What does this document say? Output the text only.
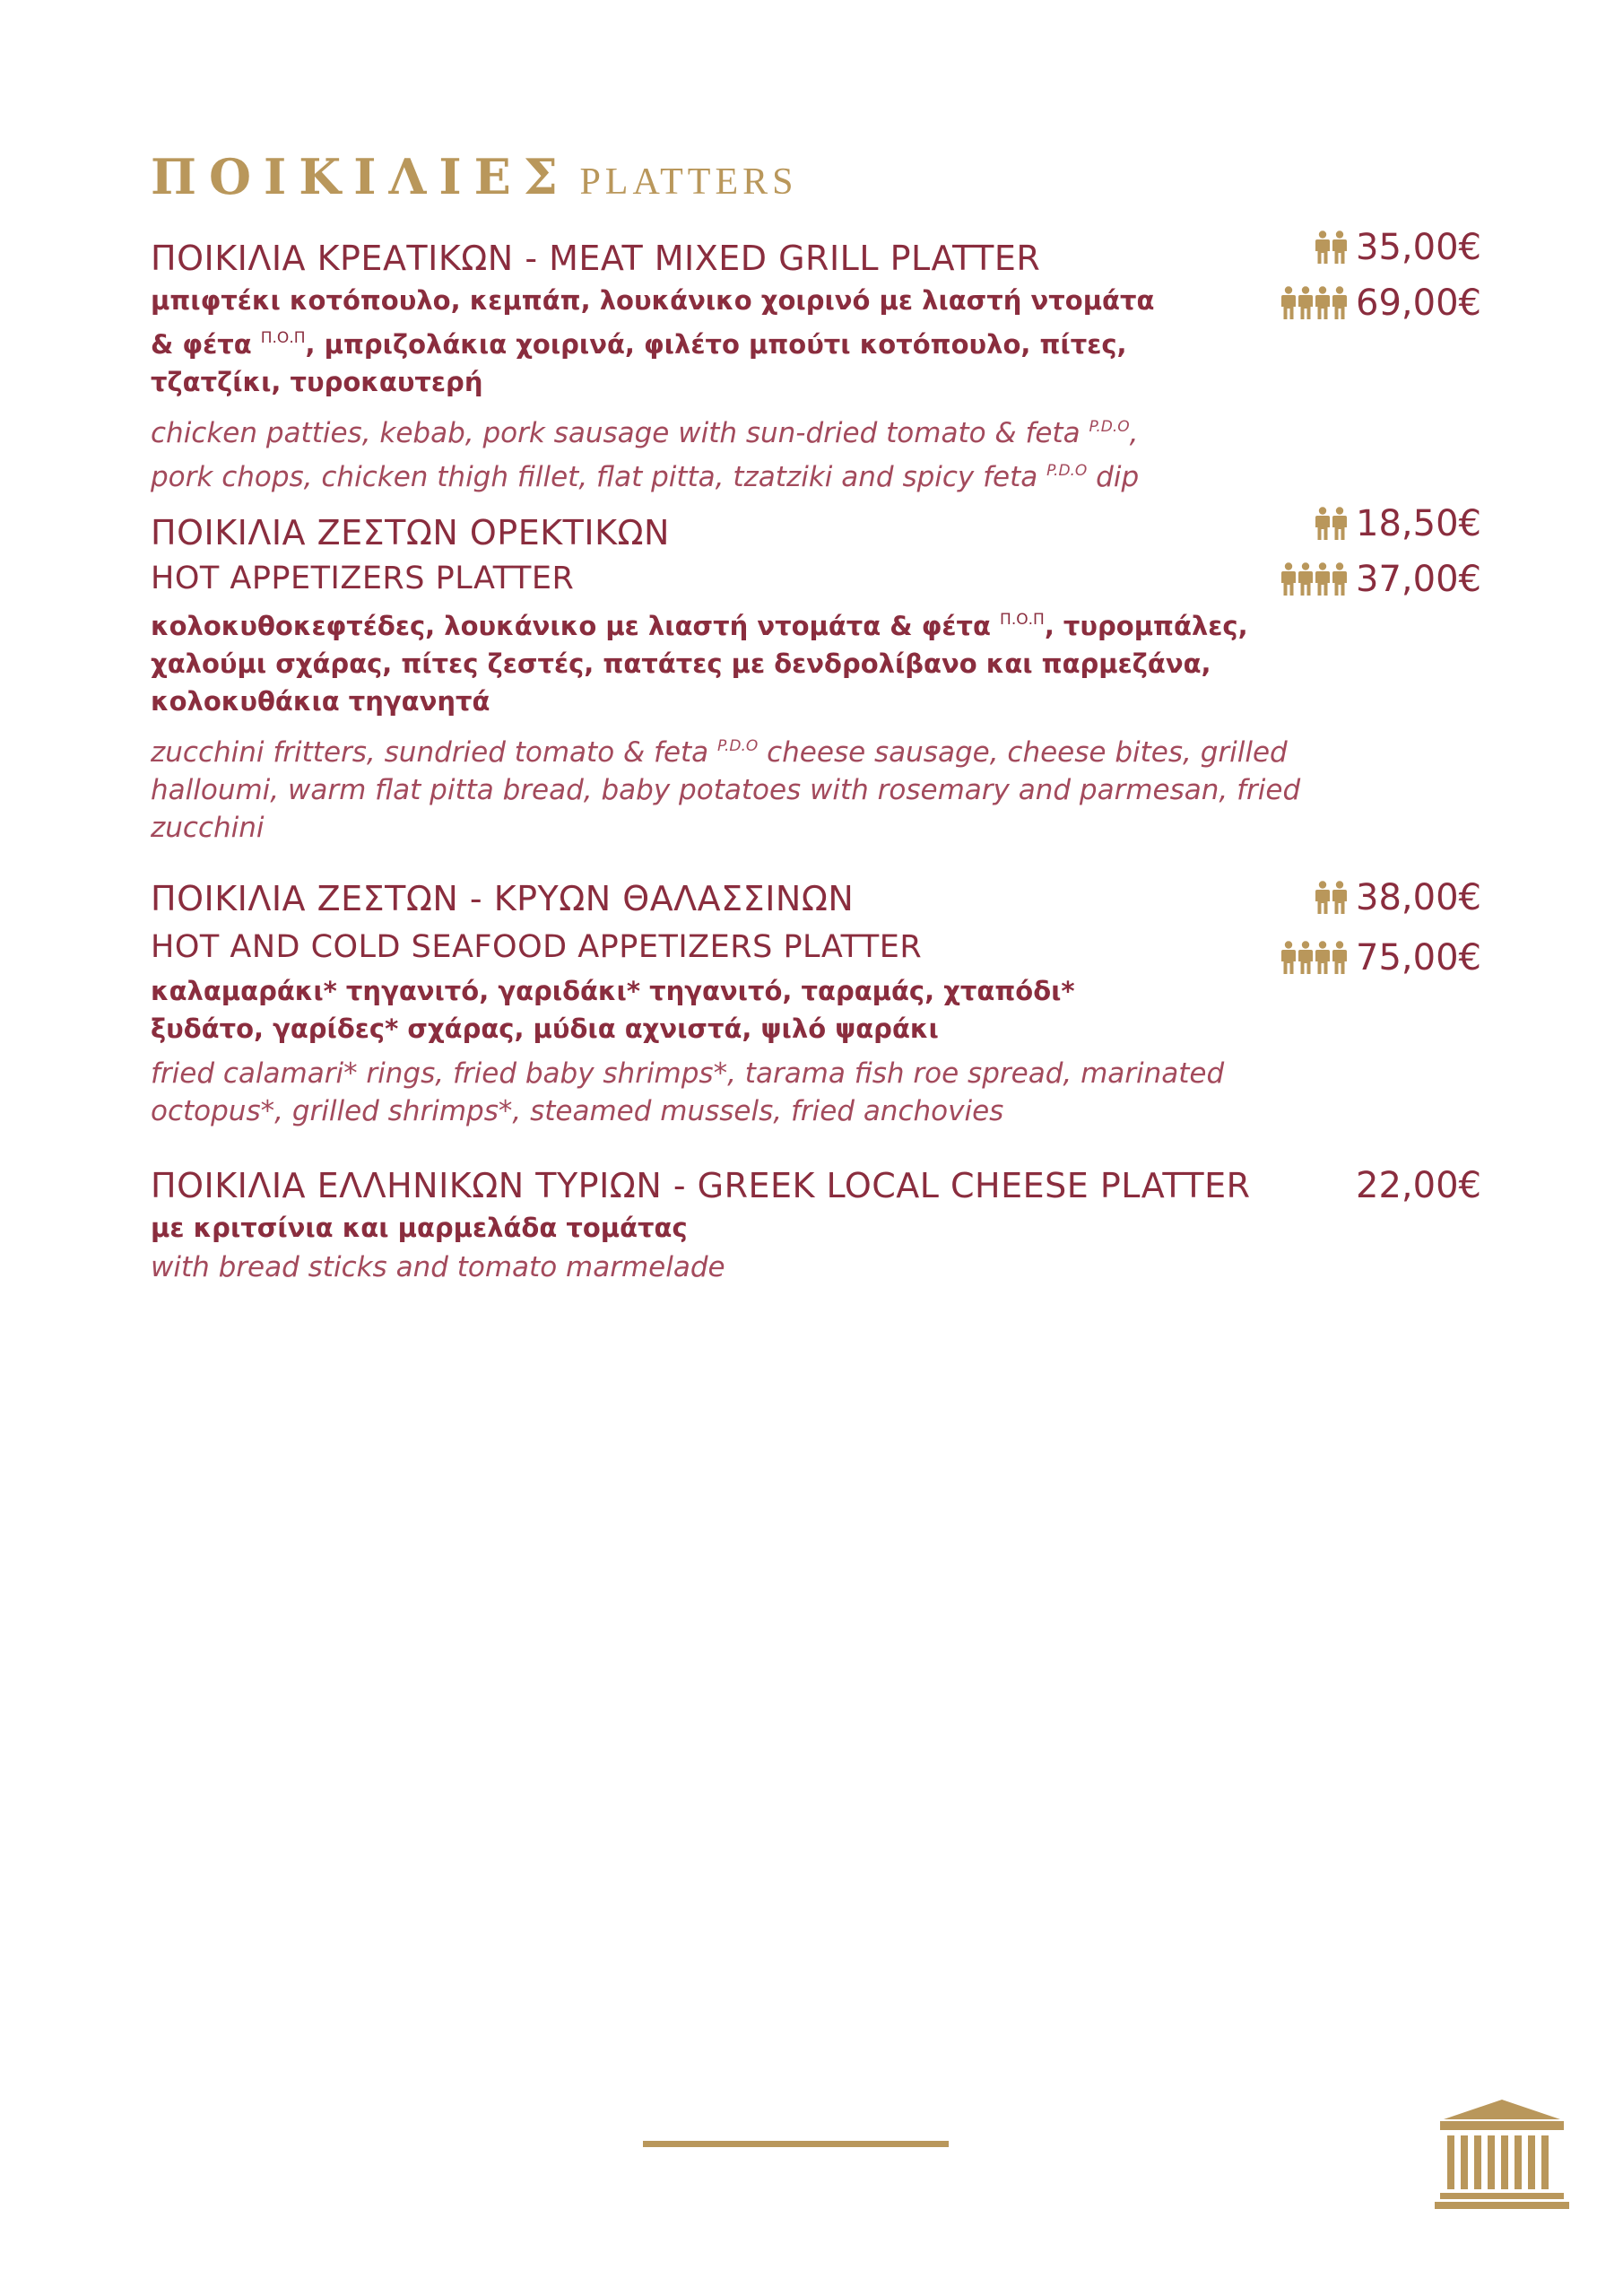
ΠΟΙΚΙΛΙΕΣ PLATTERS
ΠΟΙΚΙΛΙΑ ΚΡΕΑΤΙΚΩΝ - MEAT MIXED GRILL PLATTER
μπιφτέκι κοτόπουλο, κεμπάπ, λουκάνικο χοιρινό με λιαστή ντομάτα & φέτα $^{\Pi.O.\Pi}$, μπριζολάκια χοιρινά, φιλέτο μπούτι κοτόπουλο, πίτες, τζατζίκι, τυροκαυτερή
chicken patties, kebab, pork sausage with sun-dried tomato & feta $^{P.D.O}$, pork chops, chicken thigh fillet, flat pitta, tzatziki and spicy feta $^{P.D.O}$ dip
35,00€
69,00€
ΠΟΙΚΙΛΙΑ ΖΕΣΤΩΝ ΟΡΕΚΤΙΚΩΝ
HOT APPETIZERS PLATTER
κολοκυθοκεφτέδες, λουκάνικο με λιαστή ντομάτα & φέτα $^{\Pi.O.\Pi}$, τυρομπάλες, χαλούμι σχάρας, πίτες ζεστές, πατάτες με δενδρολίβανο και παρμεζάνα, κολοκυθάκια τηγανητά
zucchini fritters, sundried tomato & feta $^{P.D.O}$ cheese sausage, cheese bites, grilled halloumi, warm flat pitta bread, baby potatoes with rosemary and parmesan, fried zucchini
18,50€
37,00€
ΠΟΙΚΙΛΙΑ ΖΕΣΤΩΝ - ΚΡΥΩΝ ΘΑΛΑΣΣΙΝΩΝ
HOT AND COLD SEAFOOD APPETIZERS PLATTER
καλαμαράκι* τηγανιτό, γαριδάκι* τηγανιτό, ταραμάς, χταπόδι* ξυδάτο, γαρίδες* σχάρας, μύδια αχνιστά, ψιλό ψαράκι
fried calamari* rings, fried baby shrimps*, tarama fish roe spread, marinated octopus*, grilled shrimps*, steamed mussels, fried anchovies
38,00€
75,00€
ΠΟΙΚΙΛΙΑ ΕΛΛΗΝΙΚΩΝ ΤΥΡΙΩΝ - GREEK LOCAL CHEESE PLATTER
με κριτσίνια και μαρμελάδα τομάτας
with bread sticks and tomato marmelade
22,00€
